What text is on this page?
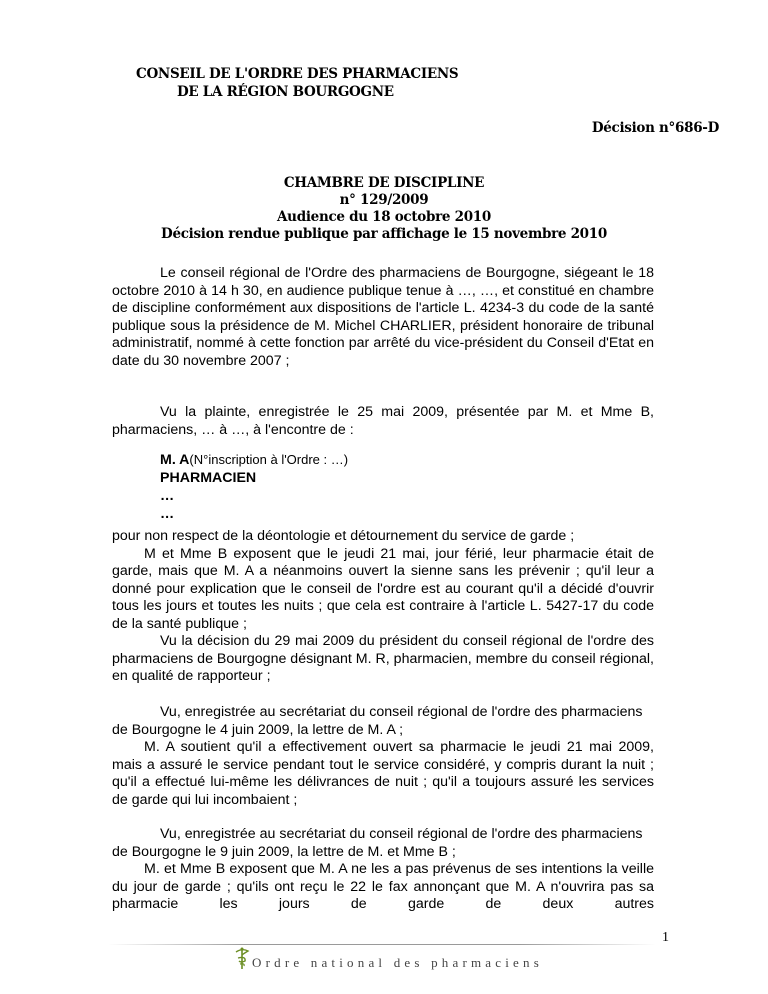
CONSEIL DE L'ORDRE DES PHARMACIENS
DE LA RÉGION BOURGOGNE
Décision n°686-D
CHAMBRE DE DISCIPLINE
n° 129/2009
Audience du 18 octobre 2010
Décision rendue publique par affichage le 15 novembre 2010

Le conseil régional de l'Ordre des pharmaciens de Bourgogne, siégeant le 18 octobre 2010 à 14 h 30, en audience publique tenue à …, …, et constitué en chambre de discipline conformément aux dispositions de l'article L. 4234-3 du code de la santé publique sous la présidence de M. Michel CHARLIER, président honoraire de tribunal administratif, nommé à cette fonction par arrêté du vice-président du Conseil d'Etat en date du 30 novembre 2007 ;

Vu la plainte, enregistrée le 25 mai 2009, présentée par M. et Mme B, pharmaciens, … à …, à l'encontre de :

M. A(N°inscription à l'Ordre : …)
PHARMACIEN
…
…

pour non respect de la déontologie et détournement du service de garde ;

M et Mme B exposent que le jeudi 21 mai, jour férié, leur pharmacie était de garde, mais que M. A a néanmoins ouvert la sienne sans les prévenir ; qu'il leur a donné pour explication que le conseil de l'ordre est au courant qu'il a décidé d'ouvrir tous les jours et toutes les nuits ; que cela est contraire à l'article L. 5427-17 du code de la santé publique ;

Vu la décision du 29 mai 2009 du président du conseil régional de l'ordre des pharmaciens de Bourgogne désignant M. R, pharmacien, membre du conseil régional, en qualité de rapporteur ;

Vu, enregistrée au secrétariat du conseil régional de l'ordre des pharmaciens de Bourgogne le 4 juin 2009, la lettre de M. A ;

M. A soutient qu'il a effectivement ouvert sa pharmacie le jeudi 21 mai 2009, mais a assuré le service pendant tout le service considéré, y compris durant la nuit ; qu'il a effectué lui-même les délivrances de nuit ; qu'il a toujours assuré les services de garde qui lui incombaient ;

Vu, enregistrée au secrétariat du conseil régional de l'ordre des pharmaciens de Bourgogne le 9 juin 2009, la lettre de M. et Mme B ;

M. et Mme B exposent que M. A ne les a pas prévenus de ses intentions la veille du jour de garde ; qu'ils ont reçu le 22 le fax annonçant que M. A n'ouvrira pas sa pharmacie les jours de garde de deux autres

1
Ordre national des pharmaciens
